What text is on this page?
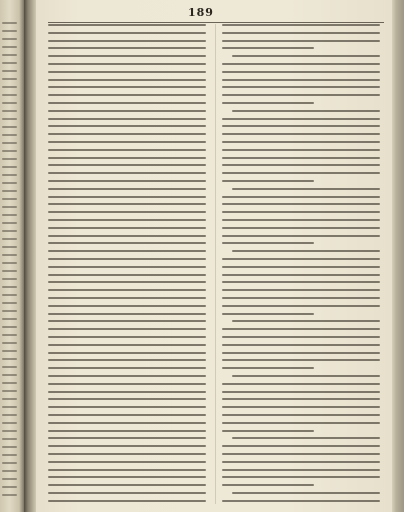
189
